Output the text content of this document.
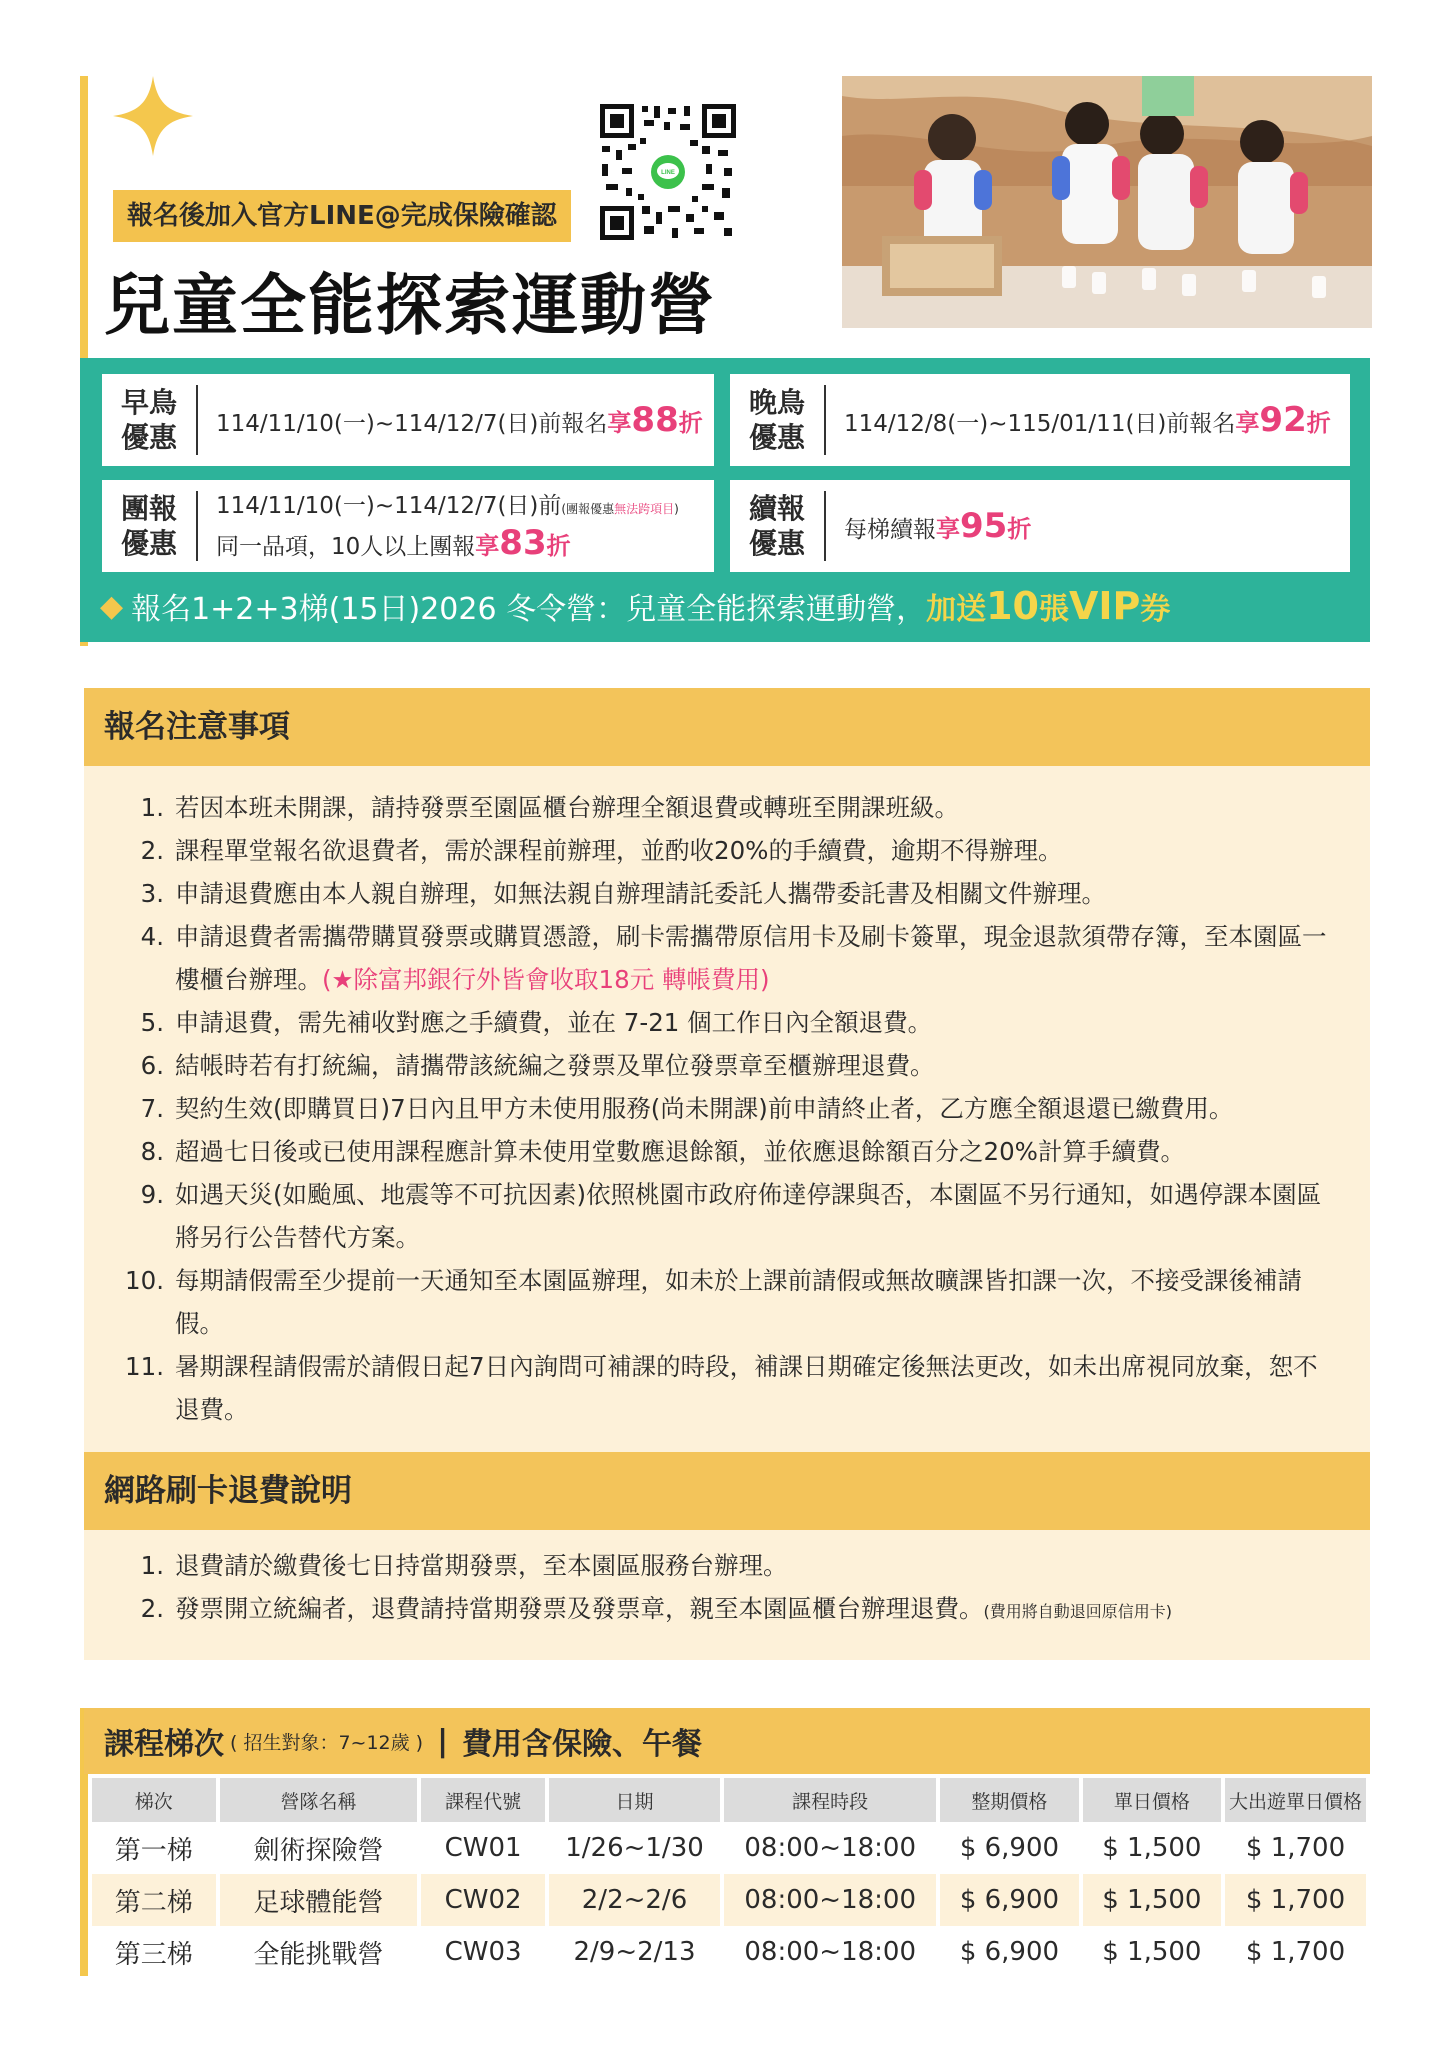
報名後加入官方LINE@完成保險確認
兒童全能探索運動營
LINE
早鳥
優惠	114/11/10(一)~114/12/7(日)前報名享88折
晚鳥
優惠	114/12/8(一)~115/01/11(日)前報名享92折
團報
優惠
114/11/10(一)~114/12/7(日)前(團報優惠無法跨項目)
同一品項，10人以上團報享83折
續報
優惠	每梯續報享95折
◆ 報名1+2+3梯(15日)2026 冬令營：兒童全能探索運動營， 加送 10 張 VIP 券
報名注意事項
1. 若因本班未開課，請持發票至園區櫃台辦理全額退費或轉班至開課班級。
2. 課程單堂報名欲退費者，需於課程前辦理，並酌收20%的手續費，逾期不得辦理。
3. 申請退費應由本人親自辦理，如無法親自辦理請託委託人攜帶委託書及相關文件辦理。
4. 申請退費者需攜帶購買發票或購買憑證，刷卡需攜帶原信用卡及刷卡簽單，現金退款須帶存簿，至本園區一樓櫃台辦理。(★除富邦銀行外皆會收取18元 轉帳費用)
5. 申請退費，需先補收對應之手續費，並在 7-21 個工作日內全額退費。
6. 結帳時若有打統編，請攜帶該統編之發票及單位發票章至櫃辦理退費。
7. 契約生效(即購買日)7日內且甲方未使用服務(尚未開課)前申請終止者，乙方應全額退還已繳費用。
8. 超過七日後或已使用課程應計算未使用堂數應退餘額，並依應退餘額百分之20%計算手續費。
9. 如遇天災(如颱風、地震等不可抗因素)依照桃園市政府佈達停課與否，本園區不另行通知，如遇停課本園區將另行公告替代方案。
10. 每期請假需至少提前一天通知至本園區辦理，如未於上課前請假或無故曠課皆扣課一次，不接受課後補請假。
11. 暑期課程請假需於請假日起7日內詢問可補課的時段，補課日期確定後無法更改，如未出席視同放棄，恕不退費。
網路刷卡退費說明
1. 退費請於繳費後七日持當期發票，至本園區服務台辦理。
2. 發票開立統編者，退費請持當期發票及發票章，親至本園區櫃台辦理退費。(費用將自動退回原信用卡)
課程梯次 ( 招生對象：7~12歲 ) | 費用含保險、午餐
梯次	營隊名稱	課程代號	日期	課程時段	整期價格	單日價格	大出遊單日價格
第一梯	劍術探險營	CW01	1/26~1/30	08:00~18:00	$ 6,900	$ 1,500	$ 1,700
第二梯	足球體能營	CW02	2/2~2/6	08:00~18:00	$ 6,900	$ 1,500	$ 1,700
第三梯	全能挑戰營	CW03	2/9~2/13	08:00~18:00	$ 6,900	$ 1,500	$ 1,700
